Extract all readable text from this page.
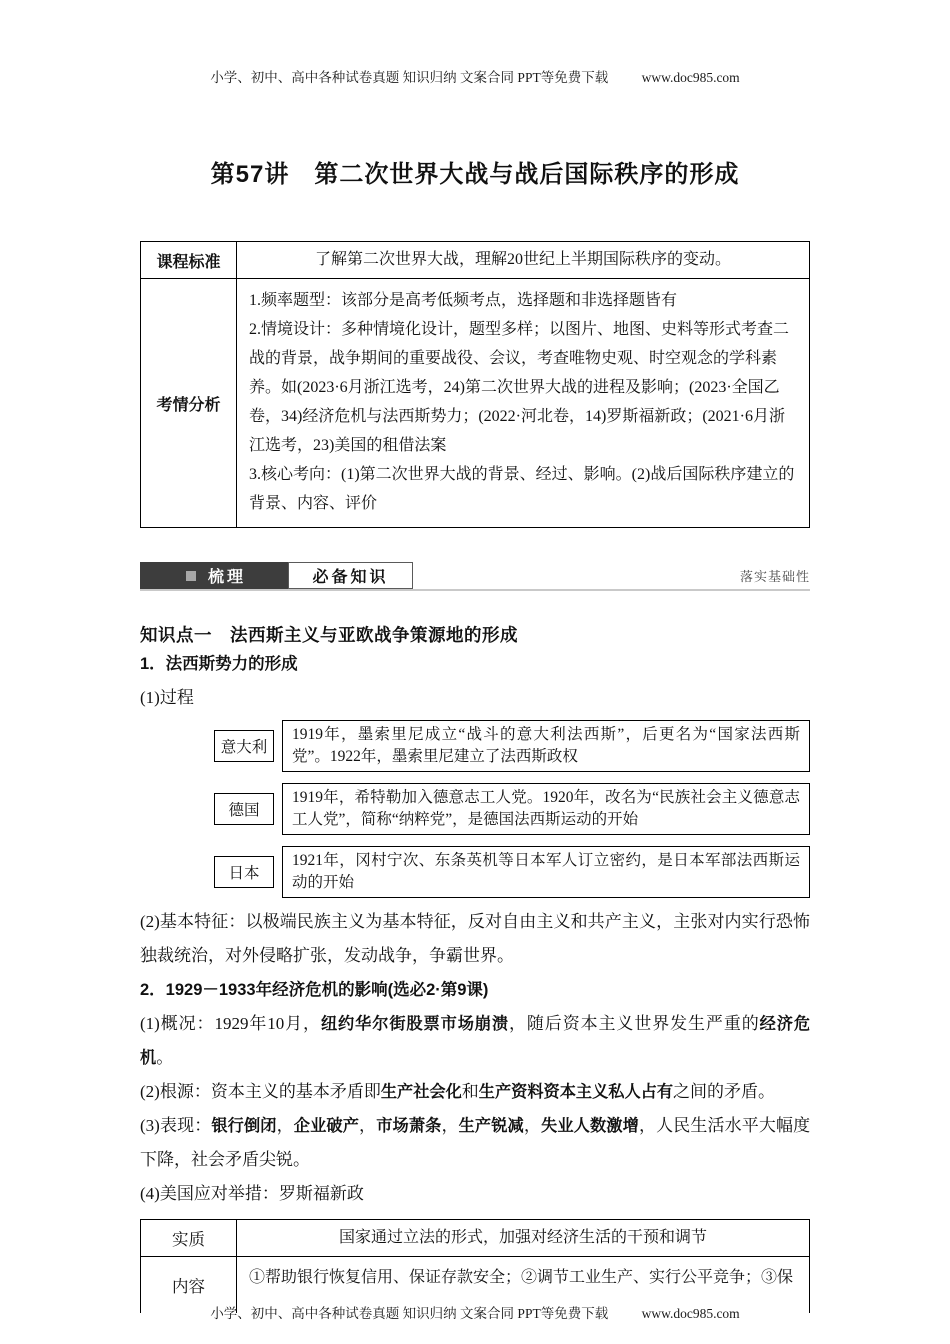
小学、初中、高中各种试卷真题 知识归纳 文案合同 PPT等免费下载 www.doc985.com
第57讲　第二次世界大战与战后国际秩序的形成
课程标准	了解第二次世界大战，理解20世纪上半期国际秩序的变动。
考情分析	1.频率题型：该部分是高考低频考点，选择题和非选择题皆有

2.情境设计：多种情境化设计，题型多样；以图片、地图、史料等形式考查二战的背景，战争期间的重要战役、会议，考查唯物史观、时空观念的学科素养。如(2023·6月浙江选考，24)第二次世界大战的进程及影响；(2023·全国乙卷，34)经济危机与法西斯势力；(2022·河北卷，14)罗斯福新政；(2021·6月浙江选考，23)美国的租借法案

3.核心考向：(1)第二次世界大战的背景、经过、影响。(2)战后国际秩序建立的背景、内容、评价

梳理	必备知识	落实基础性
知识点一　法西斯主义与亚欧战争策源地的形成

1．法西斯势力的形成

(1)过程

意大利
1919年，墨索里尼成立“战斗的意大利法西斯”，后更名为“国家法西斯党”。1922年，墨索里尼建立了法西斯政权
德国
1919年，希特勒加入德意志工人党。1920年，改名为“民族社会主义德意志工人党”，简称“纳粹党”，是德国法西斯运动的开始
日本
1921年，冈村宁次、东条英机等日本军人订立密约，是日本军部法西斯运动的开始

(2)基本特征：以极端民族主义为基本特征，反对自由主义和共产主义，主张对内实行恐怖独裁统治，对外侵略扩张，发动战争，争霸世界。

2．1929－1933年经济危机的影响(选必2·第9课)

(1)概况：1929年10月，纽约华尔街股票市场崩溃，随后资本主义世界发生严重的经济危机。

(2)根源：资本主义的基本矛盾即生产社会化和生产资料资本主义私人占有之间的矛盾。

(3)表现：银行倒闭，企业破产，市场萧条，生产锐减，失业人数激增，人民生活水平大幅度下降，社会矛盾尖锐。

(4)美国应对举措：罗斯福新政

实质	国家通过立法的形式，加强对经济生活的干预和调节
内容	①帮助银行恢复信用、保证存款安全；②调节工业生产、实行公平竞争；③保
小学、初中、高中各种试卷真题 知识归纳 文案合同 PPT等免费下载 www.doc985.com
